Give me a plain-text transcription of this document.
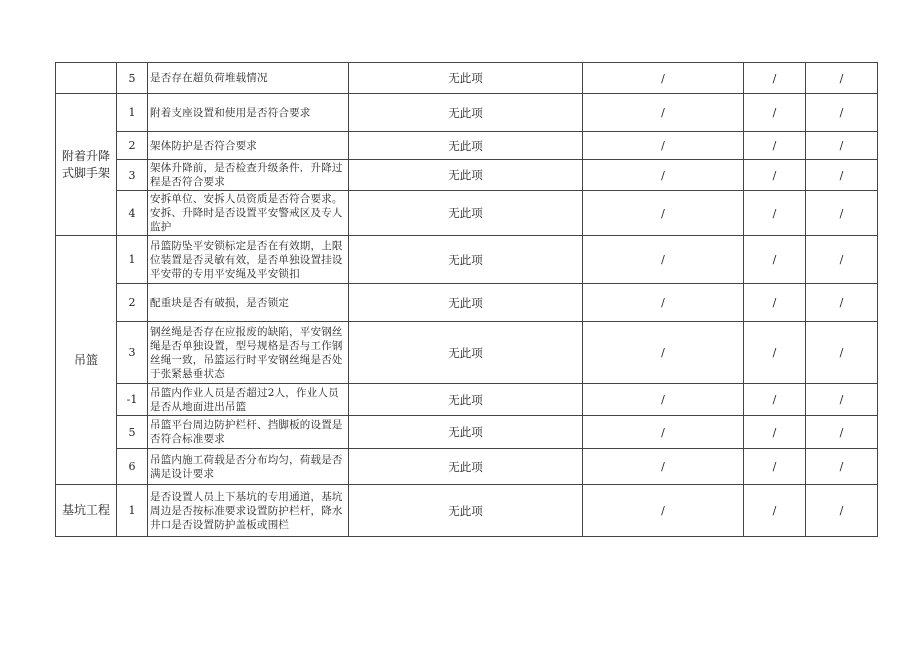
	5	是否存在超负荷堆载情况	无此项	/	/	/
附着升降式脚手架	1	附着支座设置和使用是否符合要求	无此项	/	/	/
	2	架体防护是否符合要求	无此项	/	/	/
	3	架体升降前，是否检查升级条件．升降过程是否符合要求	无此项	/	/	/
	4	安拆单位、安拆人员资质是否符合要求。安拆、升降时是否设置平安警戒区及专人监护	无此项	/	/	/
吊篮	1	吊篮防坠平安锁标定是否在有效期，上限位装置是否灵敏有效，是否单独设置挂设平安带的专用平安绳及平安锁扣	无此项	/	/	/
	2	配重块是否有破损，是否锁定	无此项	/	/	/
	3	钢丝绳是否存在应报废的缺陷，平安钢丝绳是否单独设置，型号规格是否与工作钢丝绳一致，吊篮运行时平安钢丝绳是否处于张紧悬垂状态	无此项	/	/	/
	-1	吊篮内作业人员是否超过2人，作业人员是否从地面进出吊篮	无此项	/	/	/
	5	吊篮平台周边防护栏杆、挡脚板的设置是否符合标准要求	无此项	/	/	/
	6	吊篮内施工荷载是否分布均匀，荷载是否满足设计要求	无此项	/	/	/
基坑工程	1	是否设置人员上下基坑的专用通道，基坑周边是否按标准要求设置防护栏杆，降水井口是否设置防护盖板或围栏	无此项	/	/	/
